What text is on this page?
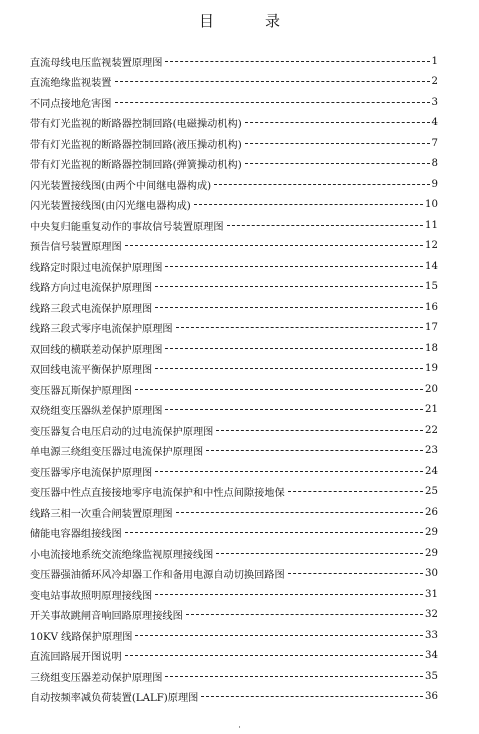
目　录
直流母线电压监视装置原理图	1
直流绝缘监视装置	2
不同点接地危害图	3
带有灯光监视的断路器控制回路(电磁操动机构)	4
带有灯光监视的断路器控制回路(液压操动机构)	7
带有灯光监视的断路器控制回路(弹簧操动机构)	8
闪光装置接线图(由两个中间继电器构成)	9
闪光装置接线图(由闪光继电器构成)	10
中央复归能重复动作的事故信号装置原理图	11
预告信号装置原理图	12
线路定时限过电流保护原理图	14
线路方向过电流保护原理图	15
线路三段式电流保护原理图	16
线路三段式零序电流保护原理图	17
双回线的横联差动保护原理图	18
双回线电流平衡保护原理图	19
变压器瓦斯保护原理图	20
双绕组变压器纵差保护原理图	21
变压器复合电压启动的过电流保护原理图	22
单电源三绕组变压器过电流保护原理图	23
变压器零序电流保护原理图	24
变压器中性点直接接地零序电流保护和中性点间隙接地保	25
线路三相一次重合闸装置原理图	26
储能电容器组接线图	29
小电流接地系统交流绝缘监视原理接线图	29
变压器强油循环风冷却器工作和备用电源自动切换回路图	30
变电站事故照明原理接线图	31
开关事故跳闸音响回路原理接线图	32
10KV 线路保护原理图	33
直流回路展开图说明	34
三绕组变压器差动保护原理图	35
自动按频率减负荷装置(LALF)原理图	36
·
